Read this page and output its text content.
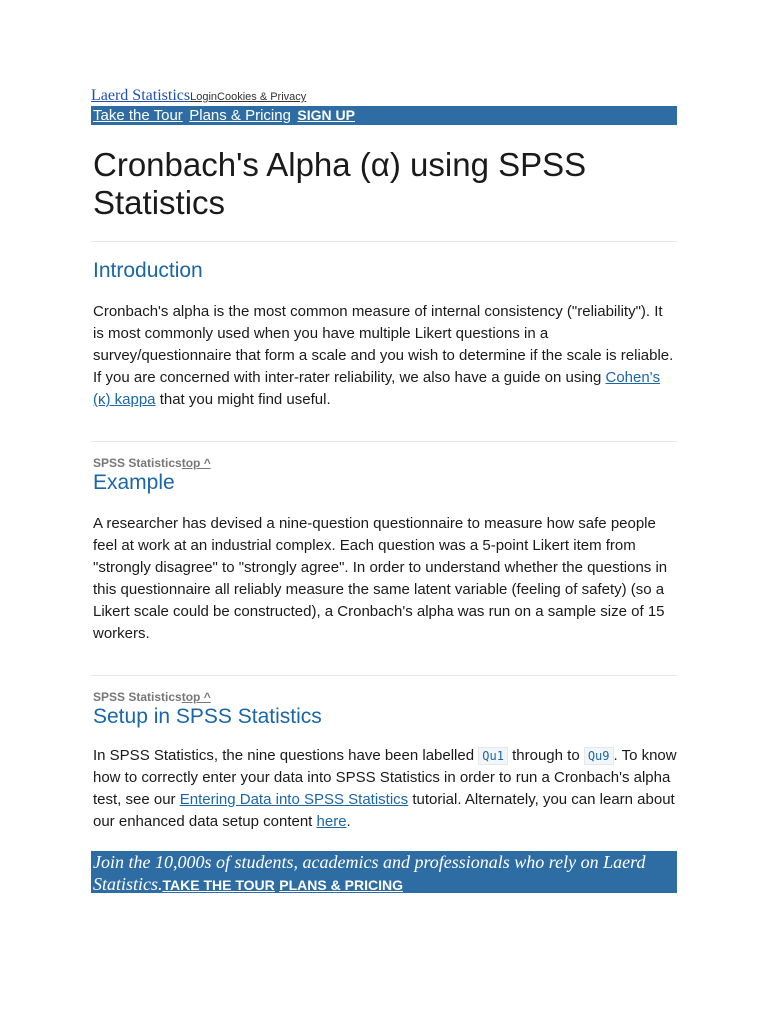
Laerd StatisticsLoginCookies & Privacy
Take the Tour Plans & Pricing SIGN UP
Cronbach's Alpha (α) using SPSS Statistics
Introduction

Cronbach's alpha is the most common measure of internal consistency ("reliability"). It is most commonly used when you have multiple Likert questions in a survey/questionnaire that form a scale and you wish to determine if the scale is reliable. If you are concerned with inter-rater reliability, we also have a guide on using Cohen's (κ) kappa that you might find useful.

SPSS Statisticstop ^
Example

A researcher has devised a nine-question questionnaire to measure how safe people feel at work at an industrial complex. Each question was a 5-point Likert item from "strongly disagree" to "strongly agree". In order to understand whether the questions in this questionnaire all reliably measure the same latent variable (feeling of safety) (so a Likert scale could be constructed), a Cronbach's alpha was run on a sample size of 15 workers.

SPSS Statisticstop ^
Setup in SPSS Statistics

In SPSS Statistics, the nine questions have been labelled Qu1 through to Qu9 . To know how to correctly enter your data into SPSS Statistics in order to run a Cronbach's alpha test, see our Entering Data into SPSS Statistics tutorial. Alternately, you can learn about our enhanced data setup content here.

Join the 10,000s of students, academics and professionals who rely on Laerd Statistics.TAKE THE TOUR PLANS & PRICING
